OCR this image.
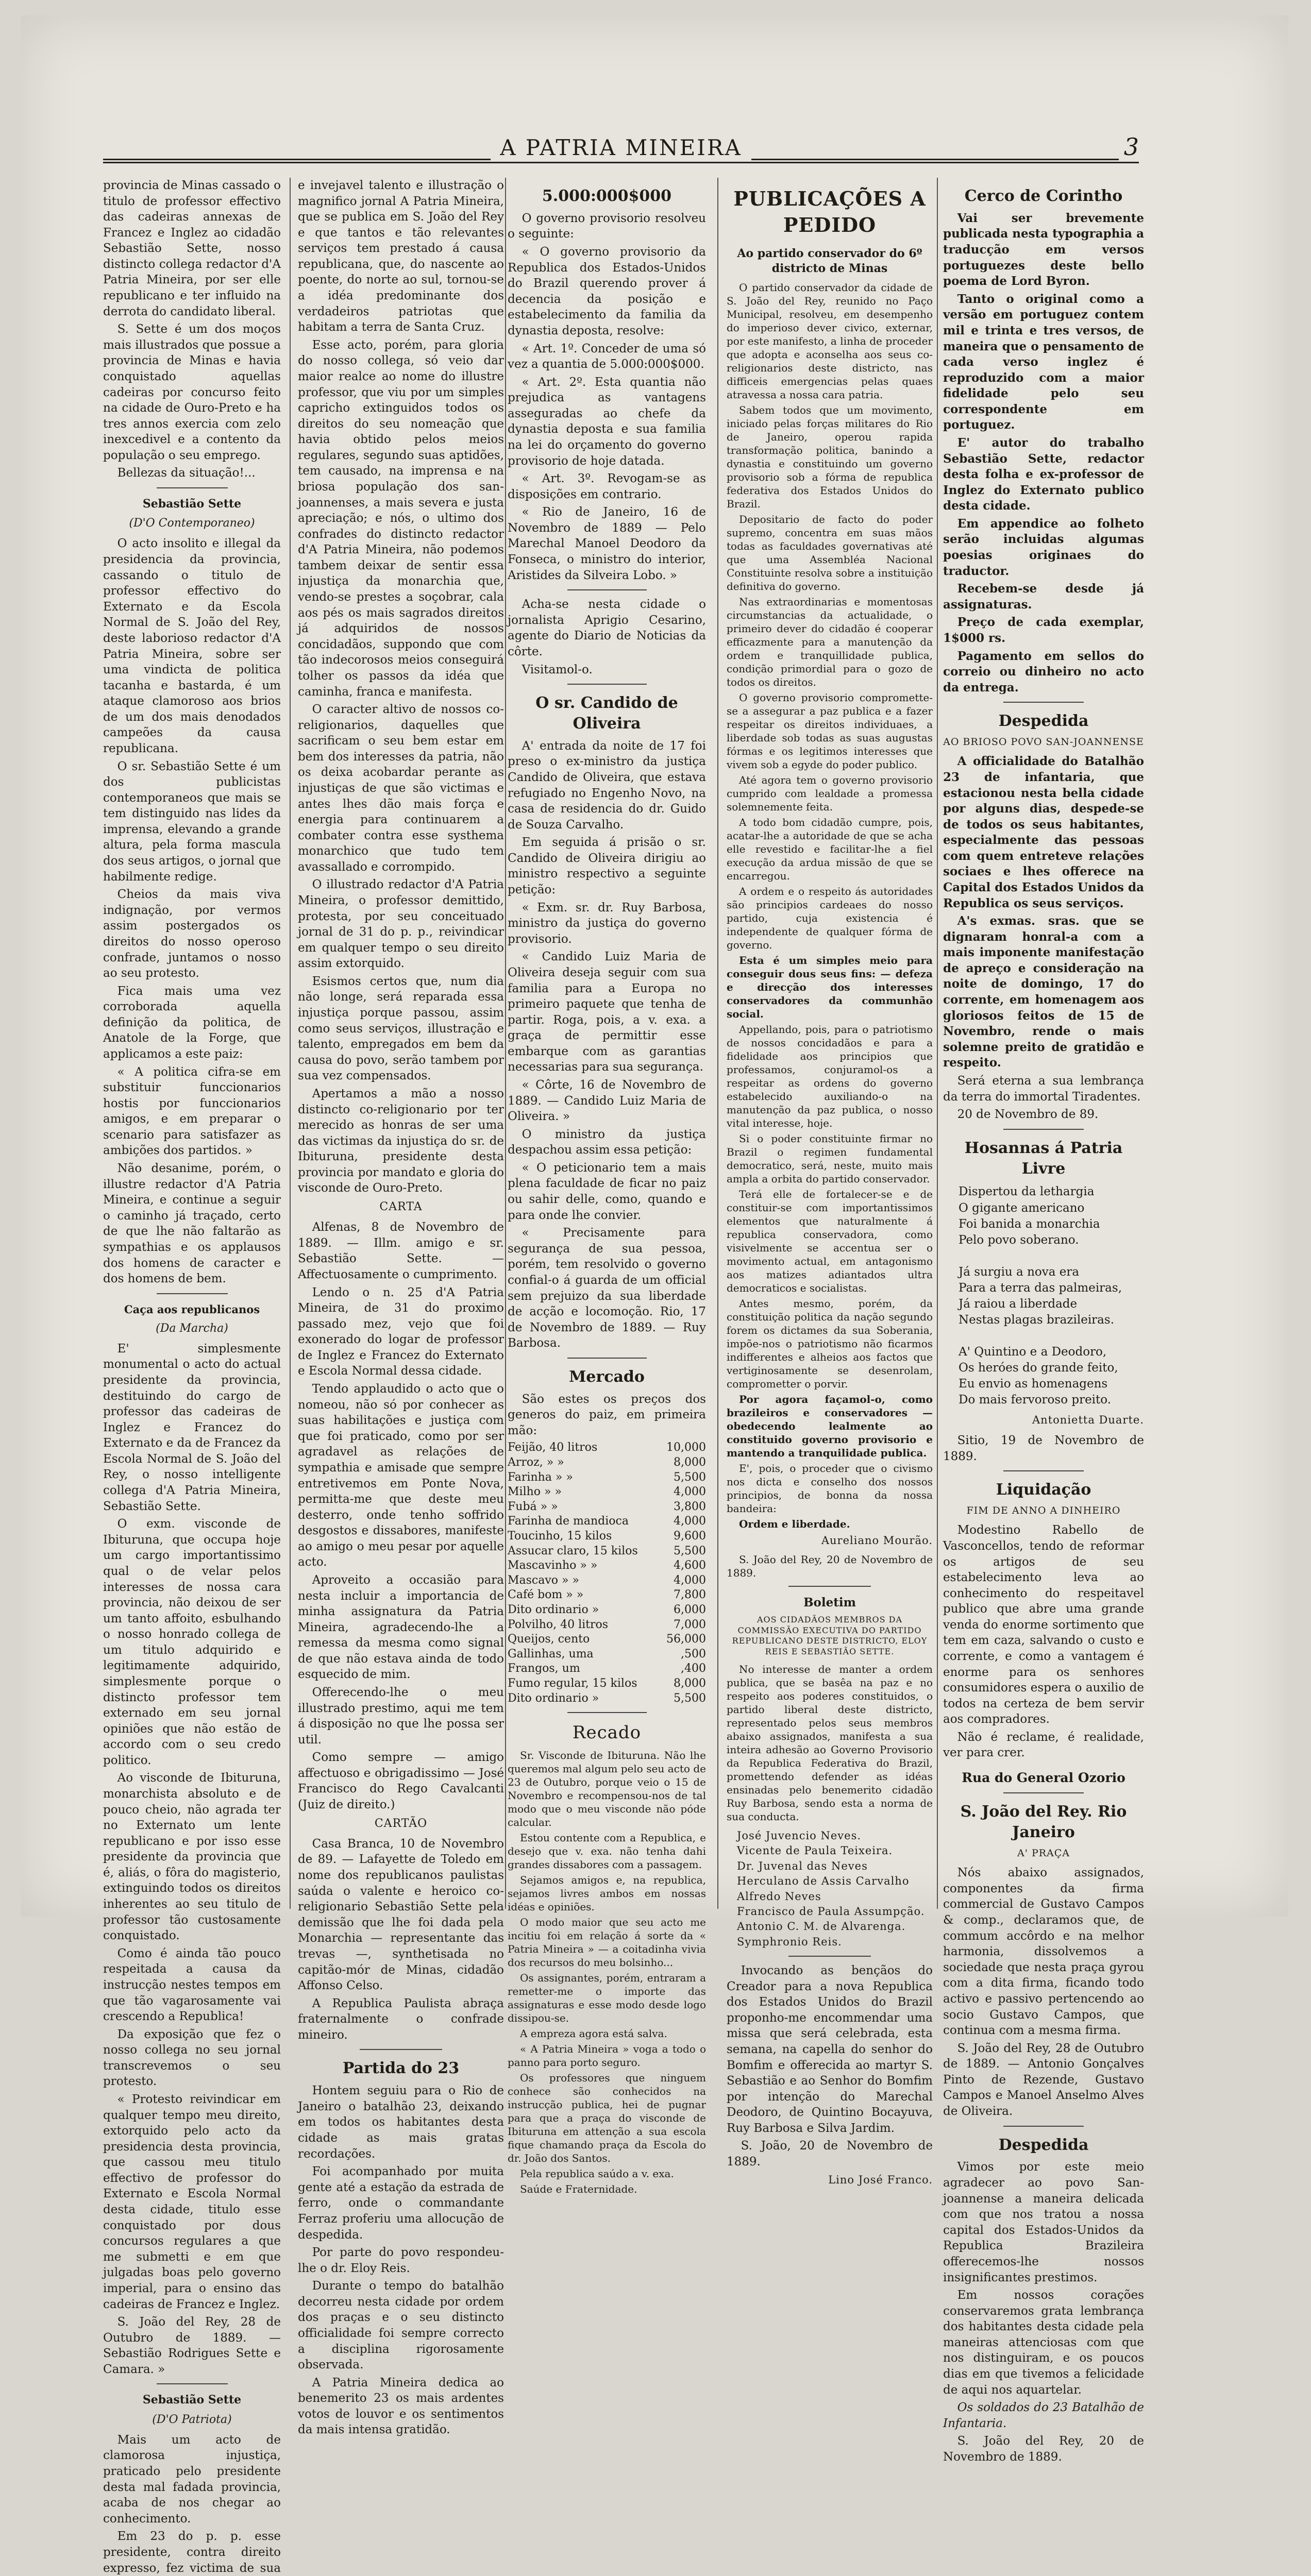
A PATRIA MINEIRA	3

provincia de Minas cassado o titulo de professor effectivo das cadeiras annexas de Francez e Inglez ao cidadão Sebastião Sette, nosso distincto collega redactor d'A Patria Mineira, por ser elle republicano e ter influido na derrota do candidato liberal.

S. Sette é um dos moços mais illustrados que possue a provincia de Minas e havia conquistado aquellas cadeiras por concurso feito na cidade de Ouro-Preto e ha tres annos exercia com zelo inexcedivel e a contento da população o seu emprego.

Bellezas da situação!...

Sebastião Sette
(D'O Contemporaneo)

O acto insolito e illegal da presidencia da provincia, cassando o titulo de professor effectivo do Externato e da Escola Normal de S. João del Rey, deste laborioso redactor d'A Patria Mineira, sobre ser uma vindicta de politica tacanha e bastarda, é um ataque clamoroso aos brios de um dos mais denodados campeões da causa republicana.

O sr. Sebastião Sette é um dos publicistas contemporaneos que mais se tem distinguido nas lides da imprensa, elevando a grande altura, pela forma mascula dos seus artigos, o jornal que habilmente redige.

Cheios da mais viva indignação, por vermos assim postergados os direitos do nosso operoso confrade, juntamos o nosso ao seu protesto.

Fica mais uma vez corroborada aquella definição da politica, de Anatole de la Forge, que applicamos a este paiz:

« A politica cifra-se em substituir funccionarios hostis por funccionarios amigos, e em preparar o scenario para satisfazer as ambições dos partidos. »

Não desanime, porém, o illustre redactor d'A Patria Mineira, e continue a seguir o caminho já traçado, certo de que lhe não faltarão as sympathias e os applausos dos homens de caracter e dos homens de bem.

Caça aos republicanos
(Da Marcha)

E' simplesmente monumental o acto do actual presidente da provincia, destituindo do cargo de professor das cadeiras de Inglez e Francez do Externato e da de Francez da Escola Normal de S. João del Rey, o nosso intelligente collega d'A Patria Mineira, Sebastião Sette.

O exm. visconde de Ibituruna, que occupa hoje um cargo importantissimo qual o de velar pelos interesses de nossa cara provincia, não deixou de ser um tanto affoito, esbulhando o nosso honrado collega de um titulo adquirido e legitimamente adquirido, simplesmente porque o distincto professor tem externado em seu jornal opiniões que não estão de accordo com o seu credo politico.

Ao visconde de Ibituruna, monarchista absoluto e de pouco cheio, não agrada ter no Externato um lente republicano e por isso esse presidente da provincia que é, aliás, o fôra do magisterio, extinguindo todos os direitos inherentes ao seu titulo de professor tão custosamente conquistado.

Como é ainda tão pouco respeitada a causa da instrucção nestes tempos em que tão vagarosamente vai crescendo a Republica!

Da exposição que fez o nosso collega no seu jornal transcrevemos o seu protesto.

« Protesto reivindicar em qualquer tempo meu direito, extorquido pelo acto da presidencia desta provincia, que cassou meu titulo effectivo de professor do Externato e Escola Normal desta cidade, titulo esse conquistado por dous concursos regulares a que me submetti e em que julgadas boas pelo governo imperial, para o ensino das cadeiras de Francez e Inglez.

S. João del Rey, 28 de Outubro de 1889. — Sebastião Rodrigues Sette e Camara. »

Sebastião Sette
(D'O Patriota)

Mais um acto de clamorosa injustiça, praticado pelo presidente desta mal fadada provincia, acaba de nos chegar ao conhecimento.

Em 23 do p. p. esse presidente, contra direito expresso, fez victima de sua

e invejavel talento e illustração o magnifico jornal A Patria Mineira, que se publica em S. João del Rey e que tantos e tão relevantes serviços tem prestado á causa republicana, que, do nascente ao poente, do norte ao sul, tornou-se a idéa predominante dos verdadeiros patriotas que habitam a terra de Santa Cruz.

Esse acto, porém, para gloria do nosso collega, só veio dar maior realce ao nome do illustre professor, que viu por um simples capricho extinguidos todos os direitos do seu nomeação que havia obtido pelos meios regulares, segundo suas aptidões, tem causado, na imprensa e na briosa população dos san-joannenses, a mais severa e justa apreciação; e nós, o ultimo dos confrades do distincto redactor d'A Patria Mineira, não podemos tambem deixar de sentir essa injustiça da monarchia que, vendo-se prestes a soçobrar, cala aos pés os mais sagrados direitos já adquiridos de nossos concidadãos, suppondo que com tão indecorosos meios conseguirá tolher os passos da idéa que caminha, franca e manifesta.

O caracter altivo de nossos co-religionarios, daquelles que sacrificam o seu bem estar em bem dos interesses da patria, não os deixa acobardar perante as injustiças de que são victimas e antes lhes dão mais força e energia para continuarem a combater contra esse systhema monarchico que tudo tem avassallado e corrompido.

O illustrado redactor d'A Patria Mineira, o professor demittido, protesta, por seu conceituado jornal de 31 do p. p., reivindicar em qualquer tempo o seu direito assim extorquido.

Esismos certos que, num dia não longe, será reparada essa injustiça porque passou, assim como seus serviços, illustração e talento, empregados em bem da causa do povo, serão tambem por sua vez compensados.

Apertamos a mão a nosso distincto co-religionario por ter merecido as honras de ser uma das victimas da injustiça do sr. de Ibituruna, presidente desta provincia por mandato e gloria do visconde de Ouro-Preto.

CARTA

Alfenas, 8 de Novembro de 1889. — Illm. amigo e sr. Sebastião Sette. — Affectuosamente o cumprimento.

Lendo o n. 25 d'A Patria Mineira, de 31 do proximo passado mez, vejo que foi exonerado do logar de professor de Inglez e Francez do Externato e Escola Normal dessa cidade.

Tendo applaudido o acto que o nomeou, não só por conhecer as suas habilitações e justiça com que foi praticado, como por ser agradavel as relações de sympathia e amisade que sempre entretivemos em Ponte Nova, permitta-me que deste meu desterro, onde tenho soffrido desgostos e dissabores, manifeste ao amigo o meu pesar por aquelle acto.

Aproveito a occasião para nesta incluir a importancia de minha assignatura da Patria Mineira, agradecendo-lhe a remessa da mesma como signal de que não estava ainda de todo esquecido de mim.

Offerecendo-lhe o meu illustrado prestimo, aqui me tem á disposição no que lhe possa ser util.

Como sempre — amigo affectuoso e obrigadissimo — José Francisco do Rego Cavalcanti (Juiz de direito.)

CARTÃO

Casa Branca, 10 de Novembro de 89. — Lafayette de Toledo em nome dos republicanos paulistas saúda o valente e heroico co-religionario Sebastião Sette pela demissão que lhe foi dada pela Monarchia — representante das trevas —, synthetisada no capitão-mór de Minas, cidadão Affonso Celso.

A Republica Paulista abraça fraternalmente o confrade mineiro.

Partida do 23

Hontem seguiu para o Rio de Janeiro o batalhão 23, deixando em todos os habitantes desta cidade as mais gratas recordações.

Foi acompanhado por muita gente até a estação da estrada de ferro, onde o commandante Ferraz proferiu uma allocução de despedida.

Por parte do povo respondeu-lhe o dr. Eloy Reis.

Durante o tempo do batalhão decorreu nesta cidade por ordem dos praças e o seu distincto officialidade foi sempre correcto a disciplina rigorosamente observada.

A Patria Mineira dedica ao benemerito 23 os mais ardentes votos de louvor e os sentimentos da mais intensa gratidão.

5.000:000$000

O governo provisorio resolveu o seguinte:

« O governo provisorio da Republica dos Estados-Unidos do Brazil querendo prover á decencia da posição e estabelecimento da familia da dynastia deposta, resolve:

« Art. 1º. Conceder de uma só vez a quantia de 5.000:000$000.

« Art. 2º. Esta quantia não prejudica as vantagens asseguradas ao chefe da dynastia deposta e sua familia na lei do orçamento do governo provisorio de hoje datada.

« Art. 3º. Revogam-se as disposições em contrario.

« Rio de Janeiro, 16 de Novembro de 1889 — Pelo Marechal Manoel Deodoro da Fonseca, o ministro do interior, Aristides da Silveira Lobo. »

Acha-se nesta cidade o jornalista Aprigio Cesarino, agente do Diario de Noticias da côrte.

Visitamol-o.

O sr. Candido de Oliveira

A' entrada da noite de 17 foi preso o ex-ministro da justiça Candido de Oliveira, que estava refugiado no Engenho Novo, na casa de residencia do dr. Guido de Souza Carvalho.

Em seguida á prisão o sr. Candido de Oliveira dirigiu ao ministro respectivo a seguinte petição:

« Exm. sr. dr. Ruy Barbosa, ministro da justiça do governo provisorio.

« Candido Luiz Maria de Oliveira deseja seguir com sua familia para a Europa no primeiro paquete que tenha de partir. Roga, pois, a v. exa. a graça de permittir esse embarque com as garantias necessarias para sua segurança.

« Côrte, 16 de Novembro de 1889. — Candido Luiz Maria de Oliveira. »

O ministro da justiça despachou assim essa petição:

« O peticionario tem a mais plena faculdade de ficar no paiz ou sahir delle, como, quando e para onde lhe convier.

« Precisamente para segurança de sua pessoa, porém, tem resolvido o governo confial-o á guarda de um official sem prejuizo da sua liberdade de acção e locomoção. Rio, 17 de Novembro de 1889. — Ruy Barbosa.

Mercado

São estes os preços dos generos do paiz, em primeira mão:

Feijão, 40 litros	10,000
Arroz, » »	8,000
Farinha » »	5,500
Milho » »	4,000
Fubá » »	3,800
Farinha de mandioca	4,000
Toucinho, 15 kilos	9,600
Assucar claro, 15 kilos	5,500
Mascavinho » »	4,600
Mascavo » »	4,000
Café bom » »	7,800
Dito ordinario »	6,000
Polvilho, 40 litros	7,000
Queijos, cento	56,000
Gallinhas, uma	,500
Frangos, um	,400
Fumo regular, 15 kilos	8,000
Dito ordinario »	5,500
Recado

Sr. Visconde de Ibituruna. Não lhe queremos mal algum pelo seu acto de 23 de Outubro, porque veio o 15 de Novembro e recompensou-nos de tal modo que o meu visconde não póde calcular.

Estou contente com a Republica, e desejo que v. exa. não tenha dahi grandes dissabores com a passagem.

Sejamos amigos e, na republica, sejamos livres ambos em nossas idéas e opiniões.

O modo maior que seu acto me incitiu foi em relação á sorte da « Patria Mineira » — a coitadinha vivia dos recursos do meu bolsinho...

Os assignantes, porém, entraram a remetter-me o importe das assignaturas e esse modo desde logo dissipou-se.

A empreza agora está salva.

« A Patria Mineira » voga a todo o panno para porto seguro.

Os professores que ninguem conhece são conhecidos na instrucção publica, hei de pugnar para que a praça do visconde de Ibituruna em attenção a sua escola fique chamando praça da Escola do dr. João dos Santos.

Pela republica saúdo a v. exa.

Saúde e Fraternidade.

PUBLICAÇÕES A PEDIDO
Ao partido conservador do 6º districto de Minas

O partido conservador da cidade de S. João del Rey, reunido no Paço Municipal, resolveu, em desempenho do imperioso dever civico, externar, por este manifesto, a linha de proceder que adopta e aconselha aos seus co-religionarios deste districto, nas difficeis emergencias pelas quaes atravessa a nossa cara patria.

Sabem todos que um movimento, iniciado pelas forças militares do Rio de Janeiro, operou rapida transformação politica, banindo a dynastia e constituindo um governo provisorio sob a fórma de republica federativa dos Estados Unidos do Brazil.

Depositario de facto do poder supremo, concentra em suas mãos todas as faculdades governativas até que uma Assembléa Nacional Constituinte resolva sobre a instituição definitiva do governo.

Nas extraordinarias e momentosas circumstancias da actualidade, o primeiro dever do cidadão é cooperar efficazmente para a manutenção da ordem e tranquillidade publica, condição primordial para o gozo de todos os direitos.

O governo provisorio compromette-se a assegurar a paz publica e a fazer respeitar os direitos individuaes, a liberdade sob todas as suas augustas fórmas e os legitimos interesses que vivem sob a egyde do poder publico.

Até agora tem o governo provisorio cumprido com lealdade a promessa solemnemente feita.

A todo bom cidadão cumpre, pois, acatar-lhe a autoridade de que se acha elle revestido e facilitar-lhe a fiel execução da ardua missão de que se encarregou.

A ordem e o respeito ás autoridades são principios cardeaes do nosso partido, cuja existencia é independente de qualquer fórma de governo.

Esta é um simples meio para conseguir dous seus fins: — defeza e direcção dos interesses conservadores da communhão social.

Appellando, pois, para o patriotismo de nossos concidadãos e para a fidelidade aos principios que professamos, conjuramol-os a respeitar as ordens do governo estabelecido auxiliando-o na manutenção da paz publica, o nosso vital interesse, hoje.

Si o poder constituinte firmar no Brazil o regimen fundamental democratico, será, neste, muito mais ampla a orbita do partido conservador.

Terá elle de fortalecer-se e de constituir-se com importantissimos elementos que naturalmente á republica conservadora, como visivelmente se accentua ser o movimento actual, em antagonismo aos matizes adiantados ultra democraticos e socialistas.

Antes mesmo, porém, da constituição politica da nação segundo forem os dictames da sua Soberania, impõe-nos o patriotismo não ficarmos indifferentes e alheios aos factos que vertiginosamente se desenrolam, comprometter o porvir.

Por agora façamol-o, como brazileiros e conservadores — obedecendo lealmente ao constituido governo provisorio e mantendo a tranquilidade publica.

E', pois, o proceder que o civismo nos dicta e conselho dos nossos principios, de bonna da nossa bandeira:

Ordem e liberdade.

Aureliano Mourão.

S. João del Rey, 20 de Novembro de 1889.

Boletim
AOS CIDADÃOS MEMBROS DA COMMISSÃO EXECUTIVA DO PARTIDO REPUBLICANO DESTE DISTRICTO, ELOY REIS E SEBASTIÃO SETTE.

No interesse de manter a ordem publica, que se basêa na paz e no respeito aos poderes constituidos, o partido liberal deste districto, representado pelos seus membros abaixo assignados, manifesta a sua inteira adhesão ao Governo Provisorio da Republica Federativa do Brazil, promettendo defender as idéas ensinadas pelo benemerito cidadão Ruy Barbosa, sendo esta a norma de sua conducta.

José Juvencio Neves.
Vicente de Paula Teixeira.
Dr. Juvenal das Neves
Herculano de Assis Carvalho
Alfredo Neves
Francisco de Paula Assumpção.
Antonio C. M. de Alvarenga.
Symphronio Reis.

Invocando as bençãos do Creador para a nova Republica dos Estados Unidos do Brazil proponho-me encommendar uma missa que será celebrada, esta semana, na capella do senhor do Bomfim e offerecida ao martyr S. Sebastião e ao Senhor do Bomfim por intenção do Marechal Deodoro, de Quintino Bocayuva, Ruy Barbosa e Silva Jardim.

S. João, 20 de Novembro de 1889.

Lino José Franco.
Cerco de Corintho

Vai ser brevemente publicada nesta typographia a traducção em versos portuguezes deste bello poema de Lord Byron.

Tanto o original como a versão em portuguez contem mil e trinta e tres versos, de maneira que o pensamento de cada verso inglez é reproduzido com a maior fidelidade pelo seu correspondente em portuguez.

E' autor do trabalho Sebastião Sette, redactor desta folha e ex-professor de Inglez do Externato publico desta cidade.

Em appendice ao folheto serão incluidas algumas poesias originaes do traductor.

Recebem-se desde já assignaturas.

Preço de cada exemplar, 1$000 rs.

Pagamento em sellos do correio ou dinheiro no acto da entrega.

Despedida
AO BRIOSO POVO SAN-JOANNENSE

A officialidade do Batalhão 23 de infantaria, que estacionou nesta bella cidade por alguns dias, despede-se de todos os seus habitantes, especialmente das pessoas com quem entreteve relações sociaes e lhes offerece na Capital dos Estados Unidos da Republica os seus serviços.

A's exmas. sras. que se dignaram honral-a com a mais imponente manifestação de apreço e consideração na noite de domingo, 17 do corrente, em homenagem aos gloriosos feitos de 15 de Novembro, rende o mais solemne preito de gratidão e respeito.

Será eterna a sua lembrança da terra do immortal Tiradentes.

20 de Novembro de 89.

Hosannas á Patria Livre
Dispertou da lethargia
O gigante americano
Foi banida a monarchia
Pelo povo soberano.

Já surgiu a nova era
Para a terra das palmeiras,
Já raiou a liberdade
Nestas plagas brazileiras.

A' Quintino e a Deodoro,
Os heróes do grande feito,
Eu envio as homenagens
Do mais fervoroso preito.
Antonietta Duarte.

Sitio, 19 de Novembro de 1889.

Liquidação
FIM DE ANNO A DINHEIRO

Modestino Rabello de Vasconcellos, tendo de reformar os artigos de seu estabelecimento leva ao conhecimento do respeitavel publico que abre uma grande venda do enorme sortimento que tem em caza, salvando o custo e corrente, e como a vantagem é enorme para os senhores consumidores espera o auxilio de todos na certeza de bem servir aos compradores.

Não é reclame, é realidade, ver para crer.

Rua do General Ozorio
S. João del Rey. Rio Janeiro
A' PRAÇA

Nós abaixo assignados, componentes da firma commercial de Gustavo Campos & comp., declaramos que, de commum accôrdo e na melhor harmonia, dissolvemos a sociedade que nesta praça gyrou com a dita firma, ficando todo activo e passivo pertencendo ao socio Gustavo Campos, que continua com a mesma firma.

S. João del Rey, 28 de Outubro de 1889. — Antonio Gonçalves Pinto de Rezende, Gustavo Campos e Manoel Anselmo Alves de Oliveira.

Despedida

Vimos por este meio agradecer ao povo San-joannense a maneira delicada com que nos tratou a nossa capital dos Estados-Unidos da Republica Brazileira offerecemos-lhe nossos insignificantes prestimos.

Em nossos corações conservaremos grata lembrança dos habitantes desta cidade pela maneiras attenciosas com que nos distinguiram, e os poucos dias em que tivemos a felicidade de aqui nos aquartelar.

Os soldados do 23 Batalhão de Infantaria.

S. João del Rey, 20 de Novembro de 1889.
